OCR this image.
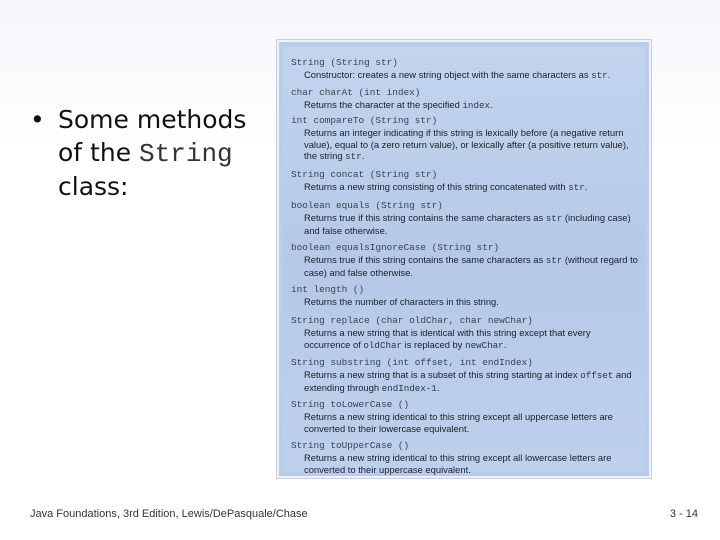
• Some methods
of the String
class:
String (String str)
Constructor: creates a new string object with the same characters as str.
char charAt (int index)
Returns the character at the specified index.
int compareTo (String str)
Returns an integer indicating if this string is lexically before (a negative return value), equal to (a zero return value), or lexically after (a positive return value), the string str.
String concat (String str)
Returns a new string consisting of this string concatenated with str.
boolean equals (String str)
Returns true if this string contains the same characters as str (including case) and false otherwise.
boolean equalsIgnoreCase (String str)
Returns true if this string contains the same characters as str (without regard to case) and false otherwise.
int length ()
Returns the number of characters in this string.
String replace (char oldChar, char newChar)
Returns a new string that is identical with this string except that every occurrence of oldChar is replaced by newChar.
String substring (int offset, int endIndex)
Returns a new string that is a subset of this string starting at index offset and extending through endIndex-1.
String toLowerCase ()
Returns a new string identical to this string except all uppercase letters are converted to their lowercase equivalent.
String toUpperCase ()
Returns a new string identical to this string except all lowercase letters are converted to their uppercase equivalent.
Java Foundations, 3rd Edition, Lewis/DePasquale/Chase	3 - 14
